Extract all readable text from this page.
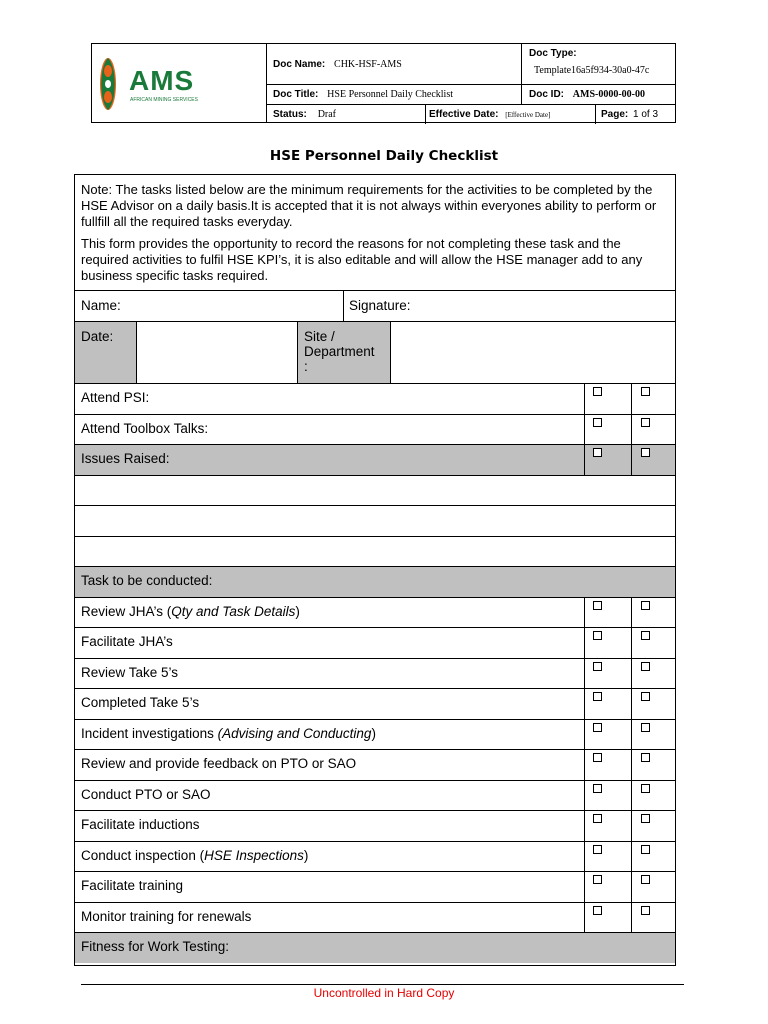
AMS
AFRICAN MINING SERVICES
Doc Name: CHK-HSF-AMS
Doc Type:
Template16a5f934-30a0-47c
Doc Title: HSE Personnel Daily Checklist	Doc ID: AMS-0000-00-00
Status: Draf	Effective Date: [Effective Date]	Page: 1 of 3
HSE Personnel Daily Checklist

Note: The tasks listed below are the minimum requirements for the activities to be completed by the HSE Advisor on a daily basis.It is accepted that it is not always within everyones ability to perform or fullfill all the required tasks everyday.

This form provides the opportunity to record the reasons for not completing these task and the required activities to fulfil HSE KPI’s, it is also editable and will allow the HSE manager add to any business specific tasks required.

Name:	Signature:
Date:	Site /
Department
:
Attend PSI:
Attend Toolbox Talks:
Issues Raised:
Task to be conducted:
Review JHA’s (Qty and Task Details)
Facilitate JHA’s
Review Take 5’s
Completed Take 5’s
Incident investigations (Advising and Conducting)
Review and provide feedback on PTO or SAO
Conduct PTO or SAO
Facilitate inductions
Conduct inspection (HSE Inspections)
Facilitate training
Monitor training for renewals
Fitness for Work Testing:
Uncontrolled in Hard Copy
